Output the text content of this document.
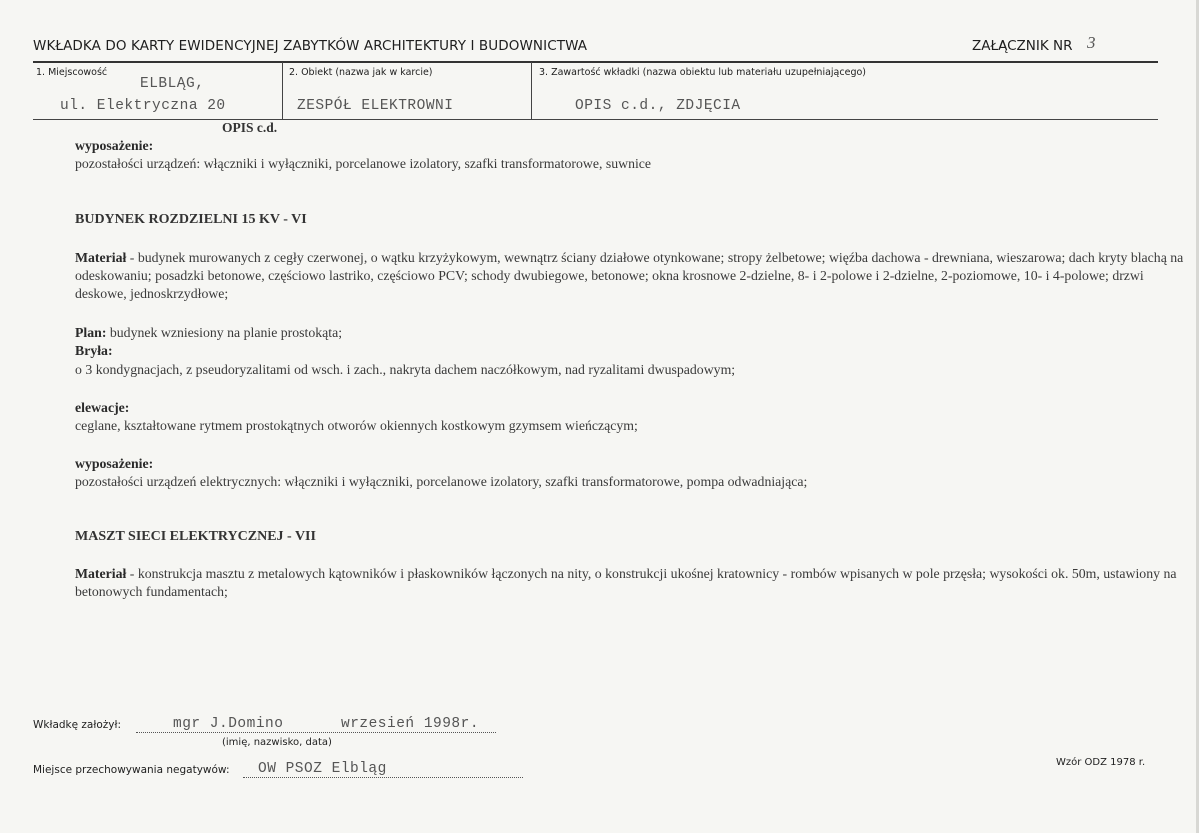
WKŁADKA DO KARTY EWIDENCYJNEJ ZABYTKÓW ARCHITEKTURY I BUDOWNICTWA	ZAŁĄCZNIK NR 3
1. Miejscowość
ELBLĄG,
ul. Elektryczna 20
2. Obiekt (nazwa jak w karcie)
ZESPÓŁ ELEKTROWNI
3. Zawartość wkładki (nazwa obiektu lub materiału uzupełniającego)
OPIS c.d., ZDJĘCIA
OPIS c.d.
wyposażenie:
pozostałości urządzeń: włączniki i wyłączniki, porcelanowe izolatory, szafki transformatorowe, suwnice
BUDYNEK ROZDZIELNI 15 KV - VI
Materiał - budynek murowanych z cegły czerwonej, o wątku krzyżykowym, wewnątrz ściany działowe otynkowane; stropy żelbetowe; więźba dachowa - drewniana, wieszarowa; dach kryty blachą na odeskowaniu; posadzki betonowe, częściowo lastriko, częściowo PCV; schody dwubiegowe, betonowe; okna krosnowe 2-dzielne, 8- i 2-polowe i 2-dzielne, 2-poziomowe, 10- i 4-polowe; drzwi deskowe, jednoskrzydłowe;
Plan: budynek wzniesiony na planie prostokąta;
Bryła:
o 3 kondygnacjach, z pseudoryzalitami od wsch. i zach., nakryta dachem naczółkowym, nad ryzalitami dwuspadowym;
elewacje:
ceglane, kształtowane rytmem prostokątnych otworów okiennych kostkowym gzymsem wieńczącym;
wyposażenie:
pozostałości urządzeń elektrycznych: włączniki i wyłączniki, porcelanowe izolatory, szafki transformatorowe, pompa odwadniająca;
MASZT SIECI ELEKTRYCZNEJ - VII
Materiał - konstrukcja masztu z metalowych kątowników i płaskowników łączonych na nity, o konstrukcji ukośnej kratownicy - rombów wpisanych w pole przęsła; wysokości ok. 50m, ustawiony na betonowych fundamentach;
Wkładkę założył:	mgr J.Domino	wrzesień 1998r.
(imię, nazwisko, data)
Miejsce przechowywania negatywów: OW PSOZ Elbląg	Wzór ODZ 1978 r.
